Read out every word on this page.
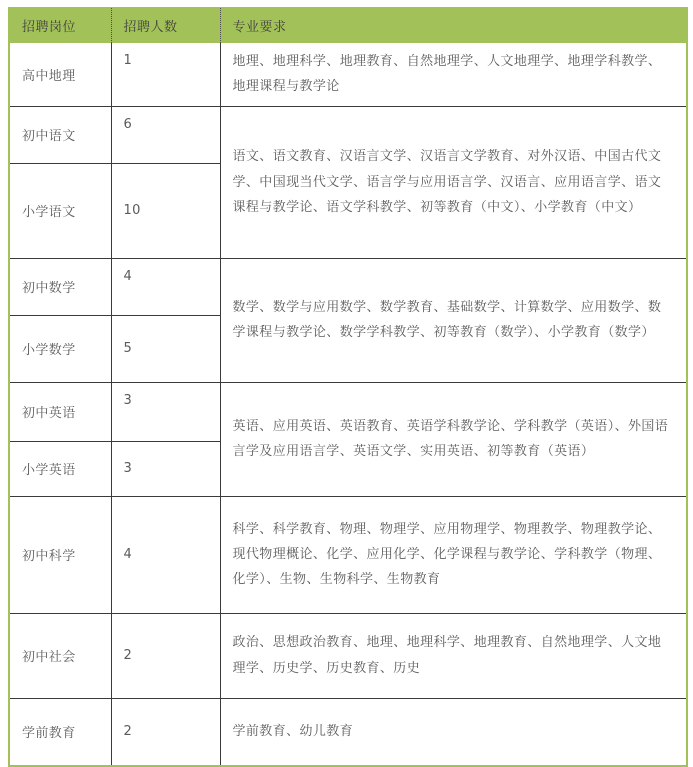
招聘岗位	招聘人数	专业要求
高中地理	1	地理、地理科学、地理教育、自然地理学、人文地理学、地理学科教学、地理课程与教学论
初中语文	6	语文、语文教育、汉语言文学、汉语言文学教育、对外汉语、中国古代文学、中国现当代文学、语言学与应用语言学、汉语言、应用语言学、语文课程与教学论、语文学科教学、初等教育（中文）、小学教育（中文）
小学语文	10	
初中数学	4	数学、数学与应用数学、数学教育、基础数学、计算数学、应用数学、数学课程与教学论、数学学科教学、初等教育（数学）、小学教育（数学）
小学数学	5	
初中英语	3	英语、应用英语、英语教育、英语学科教学论、学科教学（英语）、外国语言学及应用语言学、英语文学、实用英语、初等教育（英语）
小学英语	3	
初中科学	4	科学、科学教育、物理、物理学、应用物理学、物理教学、物理教学论、现代物理概论、化学、应用化学、化学课程与教学论、学科教学（物理、化学）、生物、生物科学、生物教育
初中社会	2	政治、思想政治教育、地理、地理科学、地理教育、自然地理学、人文地理学、历史学、历史教育、历史
学前教育	2	学前教育、幼儿教育
